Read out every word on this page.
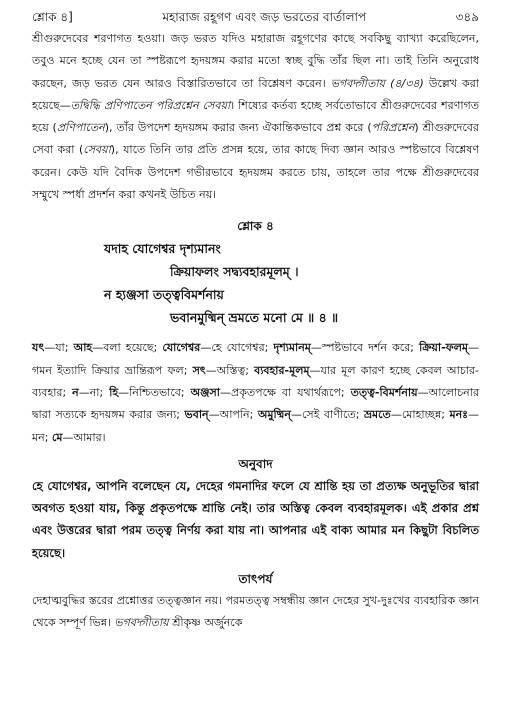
শ্লোক ৪]	মহারাজ রহূগণ এবং জড় ভরতের বার্তালাপ	৩৪৯
শ্রীগুরুদেবের শরণাগত হওয়া। জড় ভরত যদিও মহারাজ রহূগণের কাছে সবকিছু ব্যাখ্যা করেছিলেন, তবুও মনে হচ্ছে যেন তা স্পষ্টরূপে হৃদয়ঙ্গম করার মতো স্বচ্ছ বুদ্ধি তাঁর ছিল না। তাই তিনি অনুরোধ করছেন, জড় ভরত যেন আরও বিস্তারিতভাবে তা বিশ্লেষণ করেন। ভগবদ্গীতায় (৪/৩৪) উল্লেখ করা হয়েছে—তদ্বিদ্ধি প্রণিপাতেন পরিপ্রশ্নেন সেবয়া। শিষ্যের কর্তব্য হচ্ছে সর্বতোভাবে শ্রীগুরুদেবের শরণাগত হয়ে (প্রণিপাতেন), তাঁর উপদেশ হৃদয়ঙ্গম করার জন্য ঐকান্তিকভাবে প্রশ্ন করে (পরিপ্রশ্নেন) শ্রীগুরুদেবের সেবা করা (সেবয়া), যাতে তিনি তার প্রতি প্রসন্ন হয়ে, তার কাছে দিব্য জ্ঞান আরও স্পষ্টভাবে বিশ্লেষণ করেন। কেউ যদি বৈদিক উপদেশ গভীরভাবে হৃদয়ঙ্গম করতে চায়, তাহলে তার পক্ষে শ্রীগুরুদেবের সম্মুখে স্পর্ধা প্রদর্শন করা কখনই উচিত নয়।
শ্লোক ৪
যদাহ যোগেশ্বর দৃশ্যমানং
ক্রিয়াফলং সদ্ব্যবহারমূলম্ ।
ন হ্যঞ্জসা তত্ত্ববিমর্শনায়
ভবানমুষ্মিন্ ভ্রমতে মনো মে ॥ ৪ ॥
যৎ—যা; আহ—বলা হয়েছে; যোগেশ্বর—হে যোগেশ্বর; দৃশ্যমানম্—স্পষ্টভাবে দর্শন করে; ক্রিয়া-ফলম্—গমন ইত্যাদি ক্রিয়ার ভ্রান্তিরূপ ফল; সৎ—অস্তিত্ব; ব্যবহার-মূলম্—যার মূল কারণ হচ্ছে কেবল আচার-ব্যবহার; ন—না; হি—নিশ্চিতভাবে; অঞ্জসা—প্রকৃতপক্ষে বা যথার্থরূপে; তত্ত্ব-বিমর্শনায়—আলোচনার দ্বারা সত্যকে হৃদয়ঙ্গম করার জন্য; ভবান্—আপনি; অমুষ্মিন্—সেই বাণীতে; ভ্রমতে—মোহাচ্ছন্ন; মনঃ—মন; মে—আমার।
অনুবাদ
হে যোগেশ্বর, আপনি বলেছেন যে, দেহের গমনাদির ফলে যে শ্রান্তি হয় তা প্রত্যক্ষ অনুভূতির দ্বারা অবগত হওয়া যায়, কিন্তু প্রকৃতপক্ষে শ্রান্তি নেই। তার অস্তিত্ব কেবল ব্যবহারমূলক। এই প্রকার প্রশ্ন এবং উত্তরের দ্বারা পরম তত্ত্ব নির্ণয় করা যায় না। আপনার এই বাক্য আমার মন কিছুটা বিচলিত হয়েছে।
তাৎপর্য
দেহাত্মবুদ্ধির স্তরের প্রশ্নোত্তর তত্ত্বজ্ঞান নয়। পরমতত্ত্ব সম্বন্ধীয় জ্ঞান দেহের সুখ-দুঃখের ব্যবহারিক জ্ঞান থেকে সম্পূর্ণ ভিন্ন। ভগবদ্গীতায় শ্রীকৃষ্ণ অর্জুনকে
